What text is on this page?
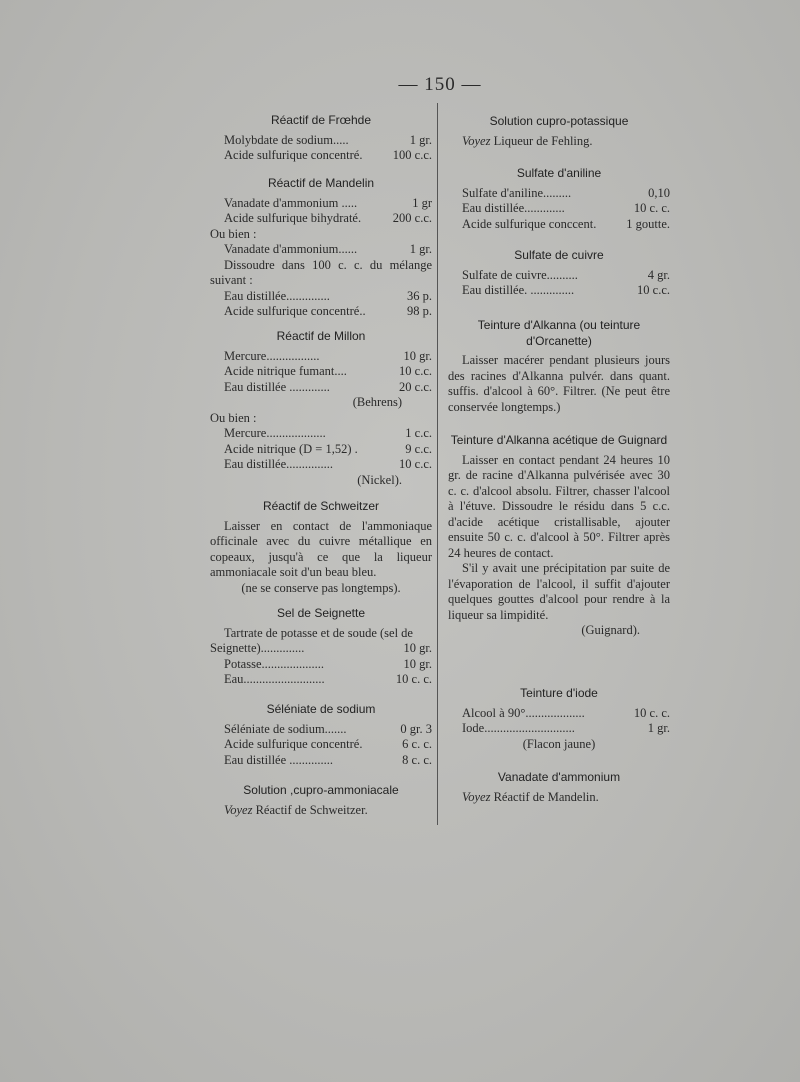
— 150 —
Réactif de Frœhde
Molybdate de sodium.....	1 gr.
Acide sulfurique concentré.	100 c.c.
Réactif de Mandelin
Vanadate d'ammonium .....	1 gr
Acide sulfurique bihydraté.	200 c.c.
Ou bien :
Vanadate d'ammonium......	1 gr.
Dissoudre dans 100 c. c. du mélange suivant :
Eau distillée..............	36 p.
Acide sulfurique concentré..	98 p.
Réactif de Millon
Mercure.................	10 gr.
Acide nitrique fumant....	10 c.c.
Eau distillée .............	20 c.c.
(Behrens)
Ou bien :
Mercure...................	1 c.c.
Acide nitrique (D = 1,52) .	9 c.c.
Eau distillée...............	10 c.c.
(Nickel).
Réactif de Schweitzer
Laisser en contact de l'ammoniaque officinale avec du cuivre métallique en copeaux, jusqu'à ce que la liqueur ammoniacale soit d'un beau bleu.
(ne se conserve pas longtemps).
Sel de Seignette
Tartrate de potasse et de soude (sel de
Seignette)..............	10 gr.
Potasse....................	10 gr.
Eau..........................	10 c. c.
Séléniate de sodium
Séléniate de sodium.......	0 gr. 3
Acide sulfurique concentré.	6 c. c.
Eau distillée ..............	8 c. c.
Solution ,cupro-ammoniacale
Voyez Réactif de Schweitzer.
Solution cupro-potassique
Voyez Liqueur de Fehling.
Sulfate d'aniline
Sulfate d'aniline.........	0,10
Eau distillée.............	10 c. c.
Acide sulfurique conccent.	1 goutte.
Sulfate de cuivre
Sulfate de cuivre..........	4 gr.
Eau distillée. ..............	10 c.c.
Teinture d'Alkanna (ou teinture d'Orcanette)
Laisser macérer pendant plusieurs jours des racines d'Alkanna pulvér. dans quant. suffis. d'alcool à 60°. Filtrer. (Ne peut être conservée longtemps.)
Teinture d'Alkanna acétique de Guignard
Laisser en contact pendant 24 heures 10 gr. de racine d'Alkanna pulvérisée avec 30 c. c. d'alcool absolu. Filtrer, chasser l'alcool à l'étuve. Dissoudre le résidu dans 5 c.c. d'acide acétique cristallisable, ajouter ensuite 50 c. c. d'alcool à 50°. Filtrer après 24 heures de contact.
S'il y avait une précipitation par suite de l'évaporation de l'alcool, il suffit d'ajouter quelques gouttes d'alcool pour rendre à la liqueur sa limpidité.
(Guignard).
Teinture d'iode
Alcool à 90°...................	10 c. c.
Iode.............................	1 gr.
(Flacon jaune)
Vanadate d'ammonium
Voyez Réactif de Mandelin.
